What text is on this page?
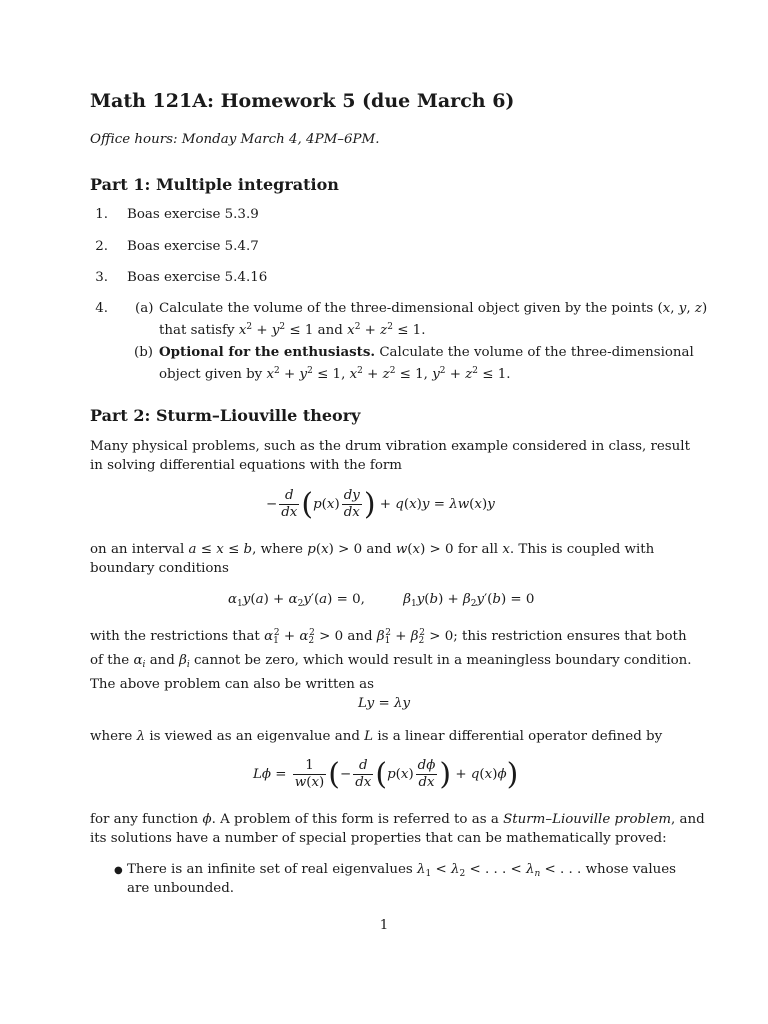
Math 121A: Homework 5 (due March 6)

Office hours: Monday March 4, 4PM–6PM.

Part 1: Multiple integration
1. Boas exercise 5.3.9
2. Boas exercise 5.4.7
3. Boas exercise 5.4.16
4. (a) Calculate the volume of the three-dimensional object given by the points (x, y, z)
that satisfy $x^2 + y^2 \le 1$ and $x^2 + z^2 \le 1$.
(b) Optional for the enthusiasts. Calculate the volume of the three-dimensional
object given by $x^2 + y^2 \le 1$, $x^2 + z^2 \le 1$, $y^2 + z^2 \le 1$.
Part 2: Sturm–Liouville theory

Many physical problems, such as the drum vibration example considered in class, result
in solving differential equations with the form

− $\frac{d}{dx} (p(x) \frac{dy}{dx}$ ) + q(x)y = λw(x)y

on an interval a ≤ x ≤ b, where p(x) > 0 and w(x) > 0 for all x. This is coupled with
boundary conditions

$\alpha_1y(a) + \alpha_2y'(a) = 0$,         $\beta_1y(b) + \beta_2y'(b) = 0$

with the restrictions that $\alpha_1^2 + \alpha_2^2 > 0$ and $\beta_1^2 + \beta_2^2 > 0$; this restriction ensures that both
of the $\alpha_i$ and $\beta_i$ cannot be zero, which would result in a meaningless boundary condition.
The above problem can also be written as

Ly = λy

where λ is viewed as an eigenvalue and L is a linear differential operator defined by

$L\phi = \frac{1}{w(x)}$ (− $\frac{d}{dx} (p(x) \frac{d\phi}{dx}$ ) + q(x)ϕ)

for any function ϕ. A problem of this form is referred to as a Sturm–Liouville problem, and
its solutions have a number of special properties that can be mathematically proved:

● There is an infinite set of real eigenvalues $\lambda_1 < \lambda_2$ < . . . < $\lambda_n$ < . . . whose values
are unbounded.
1
